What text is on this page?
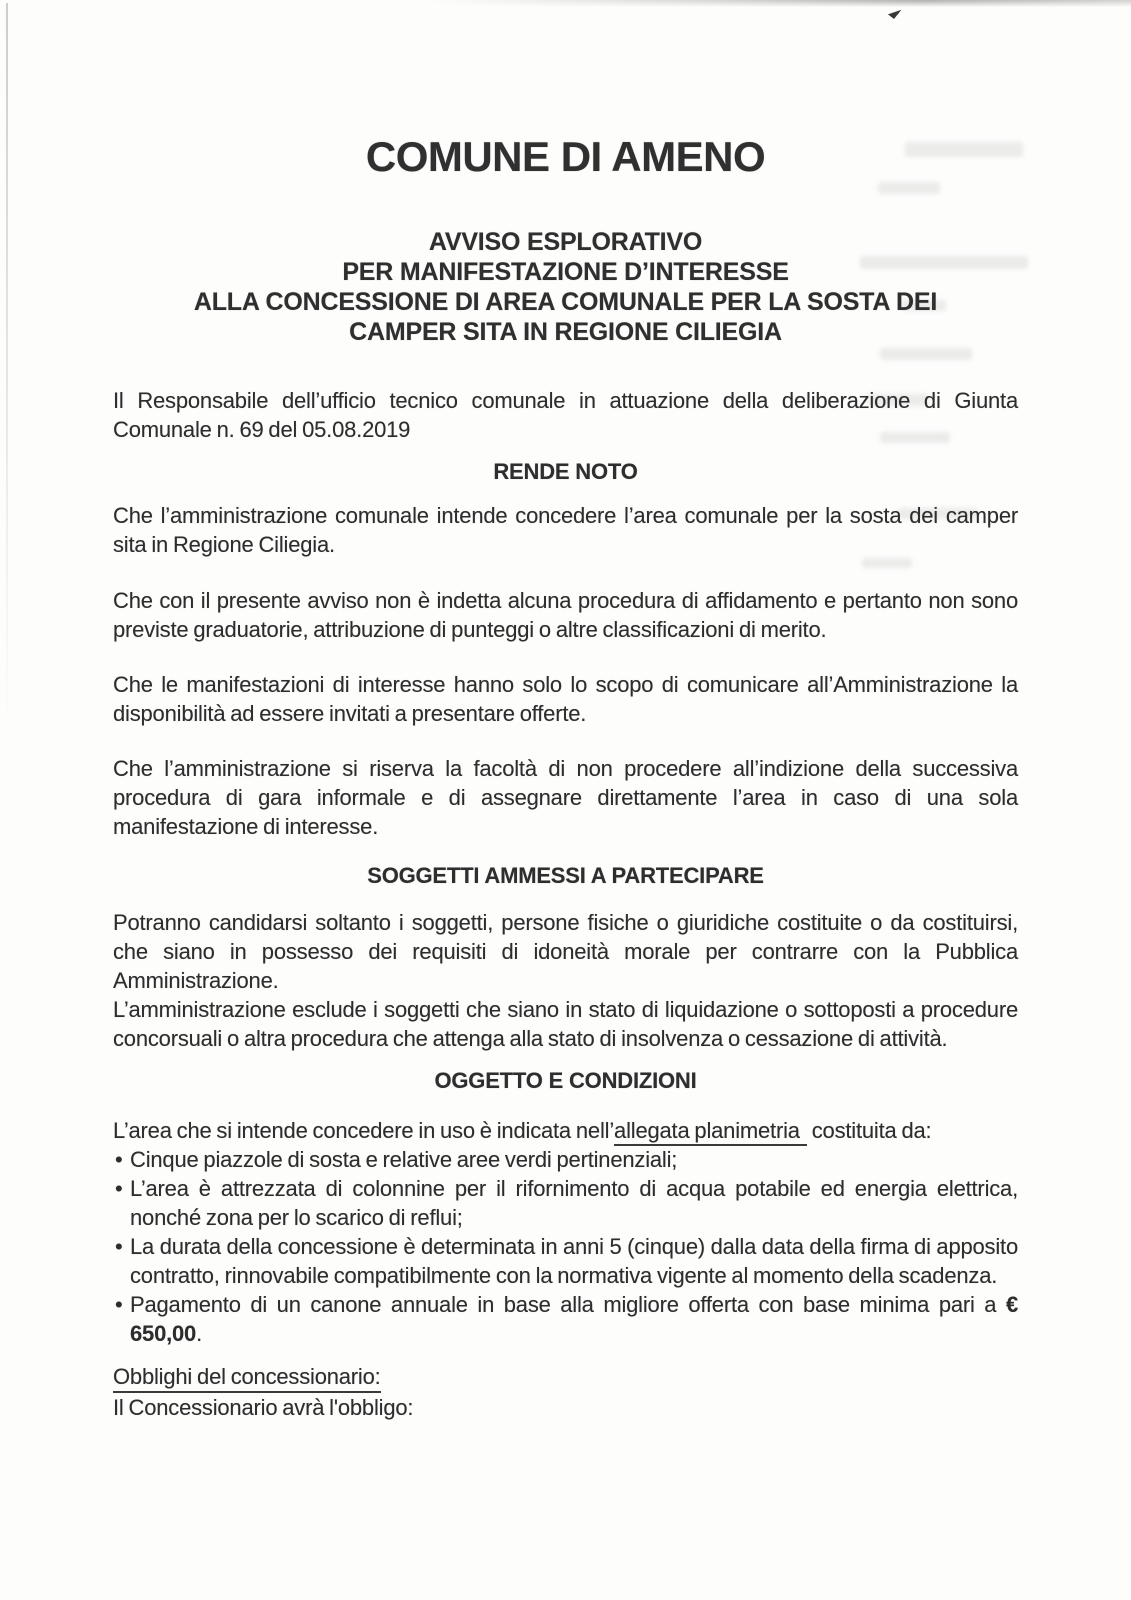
COMUNE DI AMENO
AVVISO ESPLORATIVO
PER MANIFESTAZIONE D’INTERESSE
ALLA CONCESSIONE DI AREA COMUNALE PER LA SOSTA DEI
CAMPER SITA IN REGIONE CILIEGIA
Il Responsabile dell’ufficio tecnico comunale in attuazione della deliberazione di Giunta Comunale n. 69 del 05.08.2019
RENDE NOTO
Che l’amministrazione comunale intende concedere l’area comunale per la sosta dei camper sita in Regione Ciliegia.
Che con il presente avviso non è indetta alcuna procedura di affidamento e pertanto non sono previste graduatorie, attribuzione di punteggi o altre classificazioni di merito.
Che le manifestazioni di interesse hanno solo lo scopo di comunicare all’Amministrazione la disponibilità ad essere invitati a presentare offerte.
Che l’amministrazione si riserva la facoltà di non procedere all’indizione della successiva procedura di gara informale e di assegnare direttamente l’area in caso di una sola manifestazione di interesse.
SOGGETTI AMMESSI A PARTECIPARE
Potranno candidarsi soltanto i soggetti, persone fisiche o giuridiche costituite o da costituirsi, che siano in possesso dei requisiti di idoneità morale per contrarre con la Pubblica Amministrazione.
L’amministrazione esclude i soggetti che siano in stato di liquidazione o sottoposti a procedure concorsuali o altra procedura che attenga alla stato di insolvenza o cessazione di attività.
OGGETTO E CONDIZIONI
L’area che si intende concedere in uso è indicata nell’allegata planimetria costituita da:
• Cinque piazzole di sosta e relative aree verdi pertinenziali;
• L’area è attrezzata di colonnine per il rifornimento di acqua potabile ed energia elettrica, nonché zona per lo scarico di reflui;
• La durata della concessione è determinata in anni 5 (cinque) dalla data della firma di apposito contratto, rinnovabile compatibilmente con la normativa vigente al momento della scadenza.
• Pagamento di un canone annuale in base alla migliore offerta con base minima pari a € 650,00.
Obblighi del concessionario:
Il Concessionario avrà l'obbligo:
